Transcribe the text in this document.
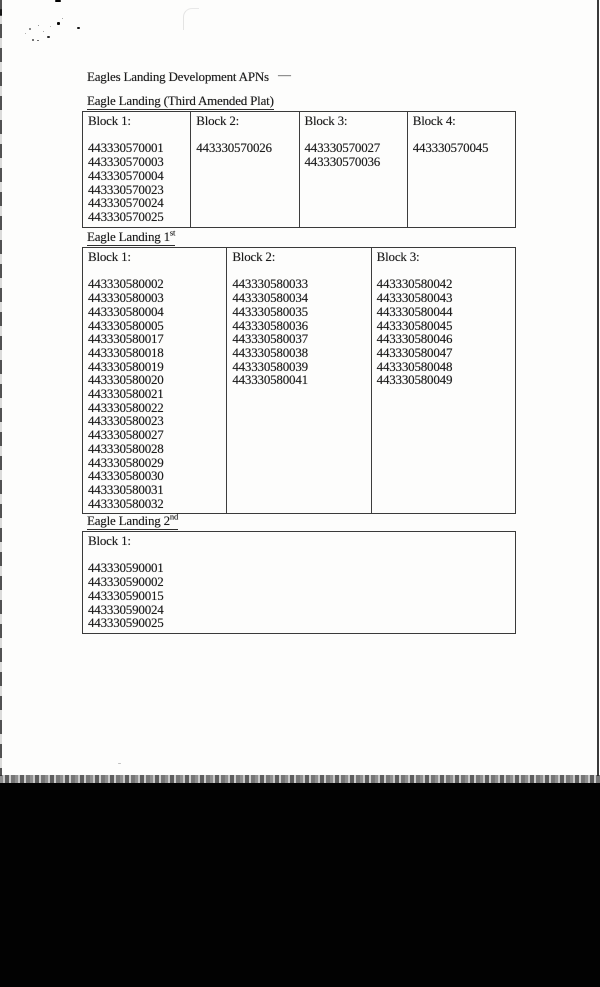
Eagles Landing Development APNs —
Eagle Landing (Third Amended Plat)
Block 1:
443330570001
443330570003
443330570004
443330570023
443330570024
443330570025
Block 2:
443330570026
Block 3:
443330570027
443330570036
Block 4:
443330570045
Eagle Landing 1st
Block 1:
443330580002
443330580003
443330580004
443330580005
443330580017
443330580018
443330580019
443330580020
443330580021
443330580022
443330580023
443330580027
443330580028
443330580029
443330580030
443330580031
443330580032
Block 2:
443330580033
443330580034
443330580035
443330580036
443330580037
443330580038
443330580039
443330580041
Block 3:
443330580042
443330580043
443330580044
443330580045
443330580046
443330580047
443330580048
443330580049
Eagle Landing 2nd
Block 1:
443330590001
443330590002
443330590015
443330590024
443330590025
